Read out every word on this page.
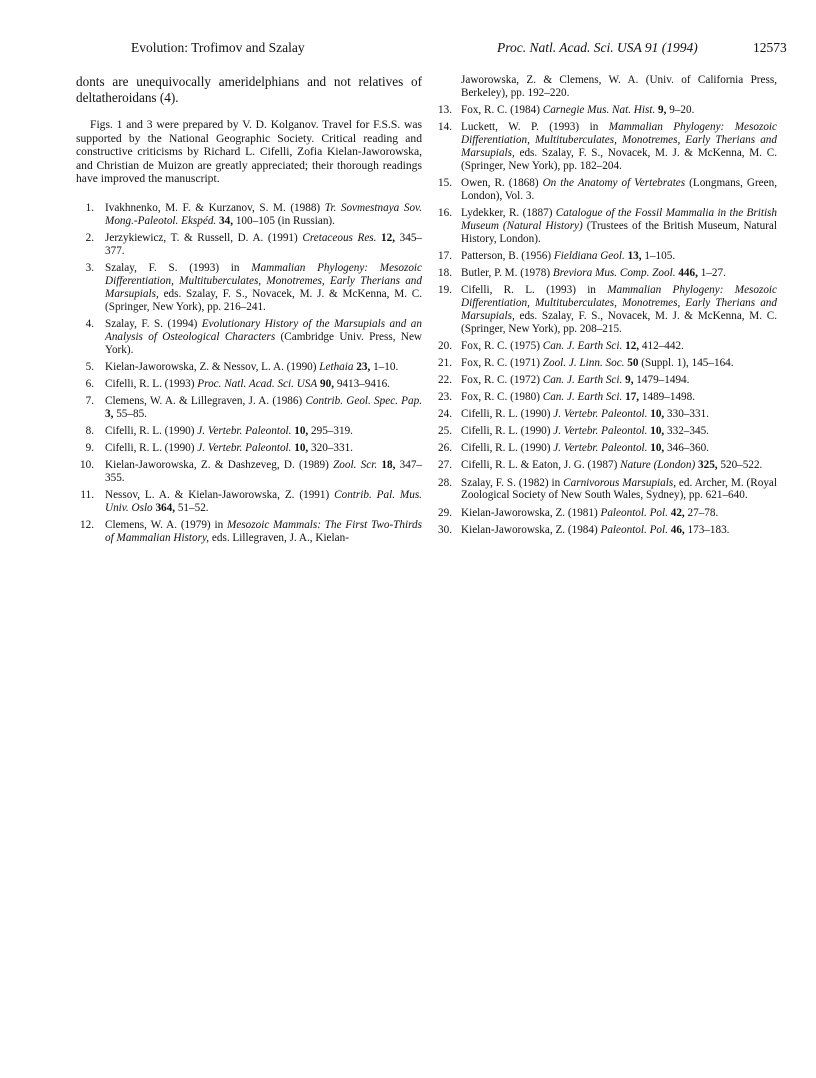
Evolution: Trofimov and Szalay	Proc. Natl. Acad. Sci. USA 91 (1994)	12573

donts are unequivocally ameridelphians and not relatives of deltatheroidans (4).

Figs. 1 and 3 were prepared by V. D. Kolganov. Travel for F.S.S. was supported by the National Geographic Society. Critical reading and constructive criticisms by Richard L. Cifelli, Zofia Kielan-Jaworowska, and Christian de Muizon are greatly appreciated; their thorough readings have improved the manuscript.

1. Ivakhnenko, M. F. & Kurzanov, S. M. (1988) Tr. Sovmestnaya Sov. Mong.-Paleotol. Ekspéd. 34, 100–105 (in Russian).
2. Jerzykiewicz, T. & Russell, D. A. (1991) Cretaceous Res. 12, 345–377.
3. Szalay, F. S. (1993) in Mammalian Phylogeny: Mesozoic Differentiation, Multituberculates, Monotremes, Early Therians and Marsupials, eds. Szalay, F. S., Novacek, M. J. & McKenna, M. C. (Springer, New York), pp. 216–241.
4. Szalay, F. S. (1994) Evolutionary History of the Marsupials and an Analysis of Osteological Characters (Cambridge Univ. Press, New York).
5. Kielan-Jaworowska, Z. & Nessov, L. A. (1990) Lethaia 23, 1–10.
6. Cifelli, R. L. (1993) Proc. Natl. Acad. Sci. USA 90, 9413–9416.
7. Clemens, W. A. & Lillegraven, J. A. (1986) Contrib. Geol. Spec. Pap. 3, 55–85.
8. Cifelli, R. L. (1990) J. Vertebr. Paleontol. 10, 295–319.
9. Cifelli, R. L. (1990) J. Vertebr. Paleontol. 10, 320–331.
10. Kielan-Jaworowska, Z. & Dashzeveg, D. (1989) Zool. Scr. 18, 347–355.
11. Nessov, L. A. & Kielan-Jaworowska, Z. (1991) Contrib. Pal. Mus. Univ. Oslo 364, 51–52.
12. Clemens, W. A. (1979) in Mesozoic Mammals: The First Two-Thirds of Mammalian History, eds. Lillegraven, J. A., Kielan-
Jaworowska, Z. & Clemens, W. A. (Univ. of California Press, Berkeley), pp. 192–220.
13. Fox, R. C. (1984) Carnegie Mus. Nat. Hist. 9, 9–20.
14. Luckett, W. P. (1993) in Mammalian Phylogeny: Mesozoic Differentiation, Multituberculates, Monotremes, Early Therians and Marsupials, eds. Szalay, F. S., Novacek, M. J. & McKenna, M. C. (Springer, New York), pp. 182–204.
15. Owen, R. (1868) On the Anatomy of Vertebrates (Longmans, Green, London), Vol. 3.
16. Lydekker, R. (1887) Catalogue of the Fossil Mammalia in the British Museum (Natural History) (Trustees of the British Museum, Natural History, London).
17. Patterson, B. (1956) Fieldiana Geol. 13, 1–105.
18. Butler, P. M. (1978) Breviora Mus. Comp. Zool. 446, 1–27.
19. Cifelli, R. L. (1993) in Mammalian Phylogeny: Mesozoic Differentiation, Multituberculates, Monotremes, Early Therians and Marsupials, eds. Szalay, F. S., Novacek, M. J. & McKenna, M. C. (Springer, New York), pp. 208–215.
20. Fox, R. C. (1975) Can. J. Earth Sci. 12, 412–442.
21. Fox, R. C. (1971) Zool. J. Linn. Soc. 50 (Suppl. 1), 145–164.
22. Fox, R. C. (1972) Can. J. Earth Sci. 9, 1479–1494.
23. Fox, R. C. (1980) Can. J. Earth Sci. 17, 1489–1498.
24. Cifelli, R. L. (1990) J. Vertebr. Paleontol. 10, 330–331.
25. Cifelli, R. L. (1990) J. Vertebr. Paleontol. 10, 332–345.
26. Cifelli, R. L. (1990) J. Vertebr. Paleontol. 10, 346–360.
27. Cifelli, R. L. & Eaton, J. G. (1987) Nature (London) 325, 520–522.
28. Szalay, F. S. (1982) in Carnivorous Marsupials, ed. Archer, M. (Royal Zoological Society of New South Wales, Sydney), pp. 621–640.
29. Kielan-Jaworowska, Z. (1981) Paleontol. Pol. 42, 27–78.
30. Kielan-Jaworowska, Z. (1984) Paleontol. Pol. 46, 173–183.
